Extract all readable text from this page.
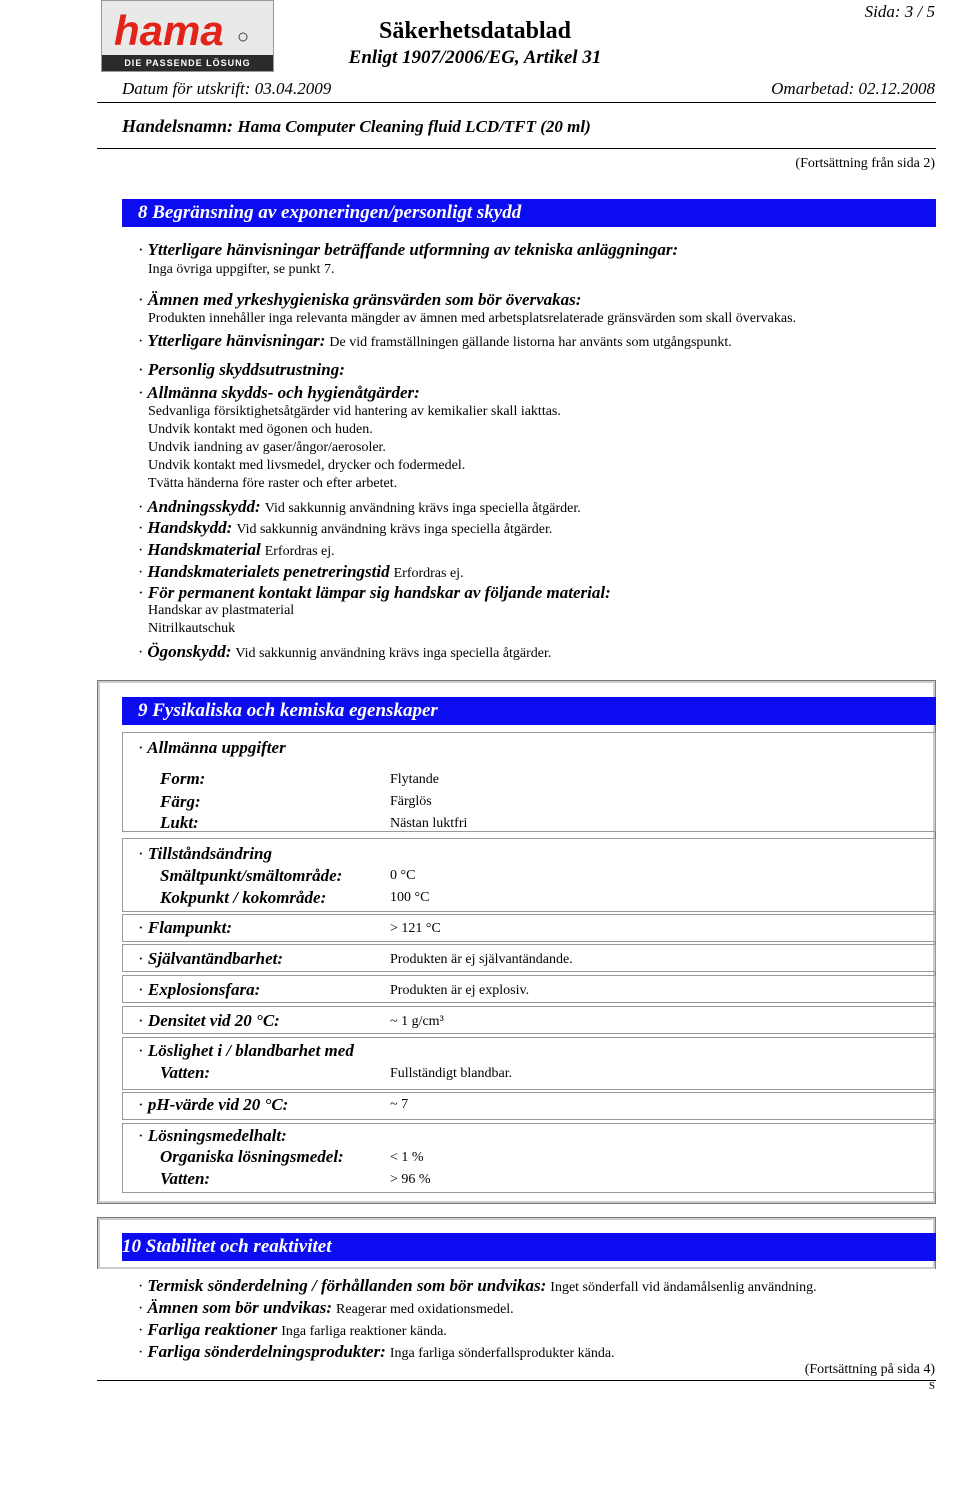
hama
DIE PASSENDE LÖSUNG
Säkerhetsdatablad
Enligt 1907/2006/EG, Artikel 31
Sida: 3 / 5
Datum för utskrift: 03.04.2009	Omarbetad: 02.12.2008
Handelsnamn: Hama Computer Cleaning fluid LCD/TFT (20 ml)
(Fortsättning från sida 2)
8 Begränsning av exponeringen/personligt skydd
· Ytterligare hänvisningar beträffande utformning av tekniska anläggningar:
Inga övriga uppgifter, se punkt 7.
· Ämnen med yrkeshygieniska gränsvärden som bör övervakas:
Produkten innehåller inga relevanta mängder av ämnen med arbetsplatsrelaterade gränsvärden som skall övervakas.
· Ytterligare hänvisningar: De vid framställningen gällande listorna har använts som utgångspunkt.
· Personlig skyddsutrustning:
· Allmänna skydds- och hygienåtgärder:
Sedvanliga försiktighetsåtgärder vid hantering av kemikalier skall iakttas.
Undvik kontakt med ögonen och huden.
Undvik iandning av gaser/ångor/aerosoler.
Undvik kontakt med livsmedel, drycker och fodermedel.
Tvätta händerna före raster och efter arbetet.
· Andningsskydd: Vid sakkunnig användning krävs inga speciella åtgärder.
· Handskydd: Vid sakkunnig användning krävs inga speciella åtgärder.
· Handskmaterial Erfordras ej.
· Handskmaterialets penetreringstid Erfordras ej.
· För permanent kontakt lämpar sig handskar av följande material:
Handskar av plastmaterial
Nitrilkautschuk
· Ögonskydd: Vid sakkunnig användning krävs inga speciella åtgärder.
9 Fysikaliska och kemiska egenskaper
· Allmänna uppgifter
Form:	Flytande
Färg:	Färglös
Lukt:	Nästan luktfri
· Tillståndsändring
Smältpunkt/smältområde:	0 °C
Kokpunkt / kokområde:	100 °C
· Flampunkt:	> 121 °C
· Självantändbarhet:	Produkten är ej självantändande.
· Explosionsfara:	Produkten är ej explosiv.
· Densitet vid 20 °C:	~ 1 g/cm³
· Löslighet i / blandbarhet med
Vatten:	Fullständigt blandbar.
· pH-värde vid 20 °C:	~ 7
· Lösningsmedelhalt:
Organiska lösningsmedel:	< 1 %
Vatten:	> 96 %
10 Stabilitet och reaktivitet
· Termisk sönderdelning / förhållanden som bör undvikas: Inget sönderfall vid ändamålsenlig användning.
· Ämnen som bör undvikas: Reagerar med oxidationsmedel.
· Farliga reaktioner Inga farliga reaktioner kända.
· Farliga sönderdelningsprodukter: Inga farliga sönderfallsprodukter kända.
(Fortsättning på sida 4)
S
